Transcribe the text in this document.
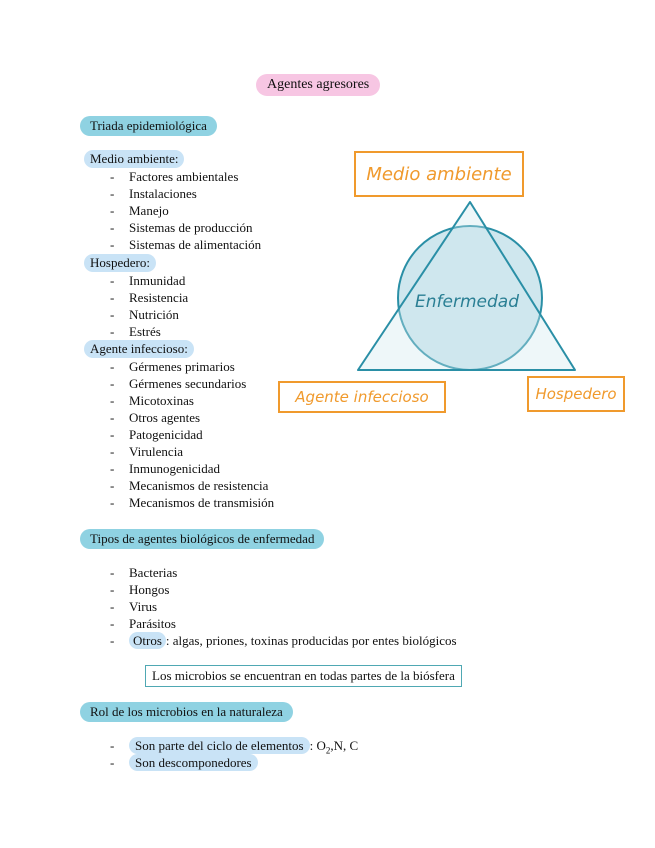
Agentes agresores
Triada epidemiológica
Medio ambiente:
- Factores ambientales
- Instalaciones
- Manejo
- Sistemas de producción
- Sistemas de alimentación
Hospedero:
- Inmunidad
- Resistencia
- Nutrición
- Estrés
Agente infeccioso:
- Gérmenes primarios
- Gérmenes secundarios
- Micotoxinas
- Otros agentes
- Patogenicidad
- Virulencia
- Inmunogenicidad
- Mecanismos de resistencia
- Mecanismos de transmisión
Enfermedad
Medio ambiente
Agente infeccioso	Hospedero
Tipos de agentes biológicos de enfermedad
- Bacterias
- Hongos
- Virus
- Parásitos
- Otros : algas, priones, toxinas producidas por entes biológicos
Los microbios se encuentran en todas partes de la biósfera
Rol de los microbios en la naturaleza
- Son parte del ciclo de elementos : $O_2,N$, C
- Son descomponedores
